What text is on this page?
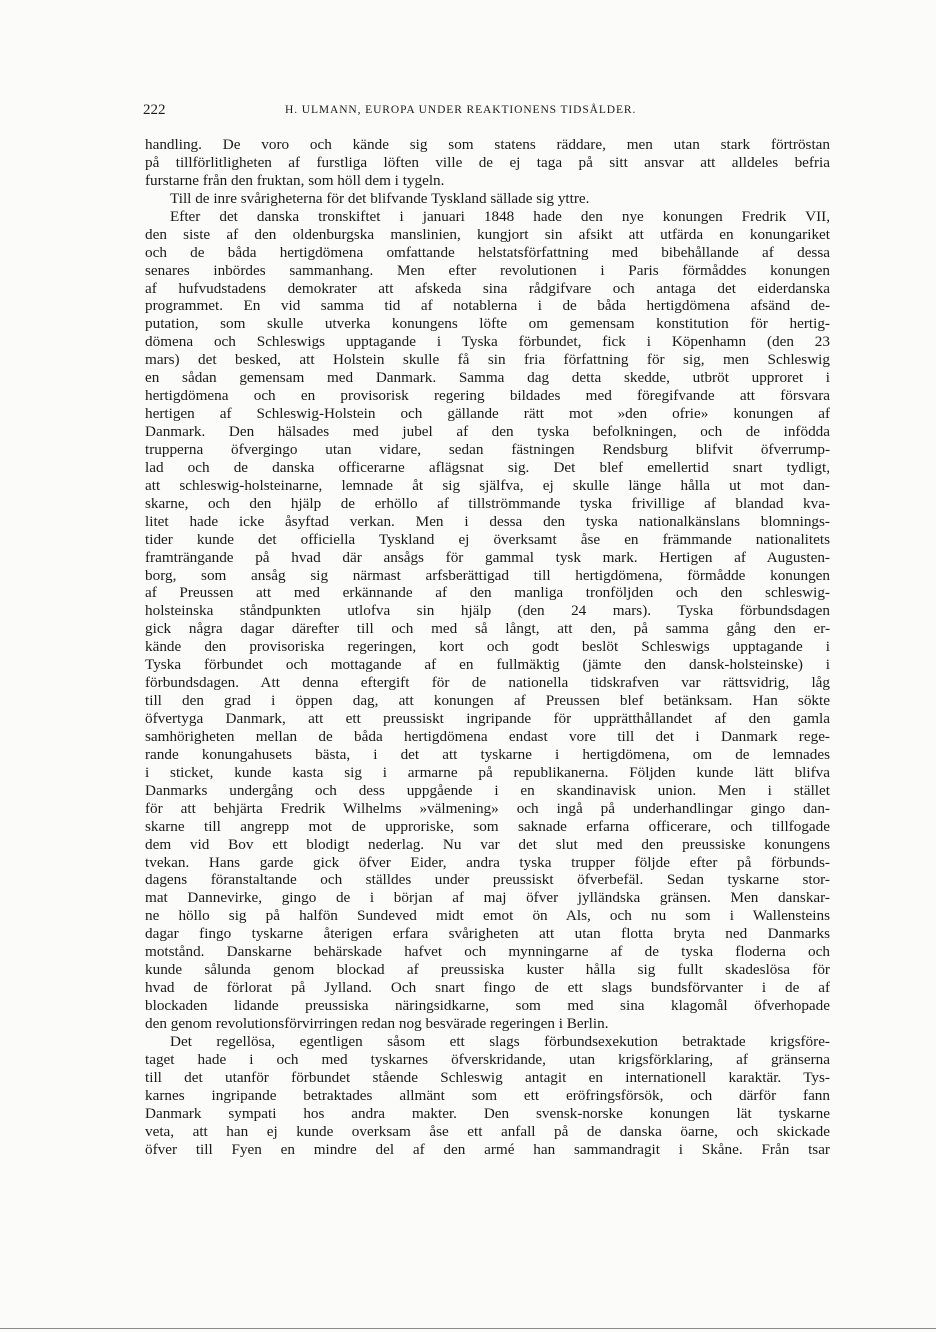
222	H. ULMANN, EUROPA UNDER REAKTIONENS TIDSÅLDER.
handling. De voro och kände sig som statens räddare, men utan stark förtröstan
på tillförlitligheten af furstliga löften ville de ej taga på sitt ansvar att alldeles befria
furstarne från den fruktan, som höll dem i tygeln.
Till de inre svårigheterna för det blifvande Tyskland sällade sig yttre.
Efter det danska tronskiftet i januari 1848 hade den nye konungen Fredrik VII,
den siste af den oldenburgska manslinien, kungjort sin afsikt att utfärda en konungariket
och de båda hertigdömena omfattande helstatsförfattning med bibehållande af dessa
senares inbördes sammanhang. Men efter revolutionen i Paris förmåddes konungen
af hufvudstadens demokrater att afskeda sina rådgifvare och antaga det eiderdanska
programmet. En vid samma tid af notablerna i de båda hertigdömena afsänd de-
putation, som skulle utverka konungens löfte om gemensam konstitution för hertig-
dömena och Schleswigs upptagande i Tyska förbundet, fick i Köpenhamn (den 23
mars) det besked, att Holstein skulle få sin fria författning för sig, men Schleswig
en sådan gemensam med Danmark. Samma dag detta skedde, utbröt upproret i
hertigdömena och en provisorisk regering bildades med föregifvande att försvara
hertigen af Schleswig-Holstein och gällande rätt mot »den ofrie» konungen af
Danmark. Den hälsades med jubel af den tyska befolkningen, och de infödda
trupperna öfvergingo utan vidare, sedan fästningen Rendsburg blifvit öfverrump-
lad och de danska officerarne aflägsnat sig. Det blef emellertid snart tydligt,
att schleswig-holsteinarne, lemnade åt sig själfva, ej skulle länge hålla ut mot dan-
skarne, och den hjälp de erhöllo af tillströmmande tyska frivillige af blandad kva-
litet hade icke åsyftad verkan. Men i dessa den tyska nationalkänslans blomnings-
tider kunde det officiella Tyskland ej överksamt åse en främmande nationalitets
framträngande på hvad där ansågs för gammal tysk mark. Hertigen af Augusten-
borg, som ansåg sig närmast arfsberättigad till hertigdömena, förmådde konungen
af Preussen att med erkännande af den manliga tronföljden och den schleswig-
holsteinska ståndpunkten utlofva sin hjälp (den 24 mars). Tyska förbundsdagen
gick några dagar därefter till och med så långt, att den, på samma gång den er-
kände den provisoriska regeringen, kort och godt beslöt Schleswigs upptagande i
Tyska förbundet och mottagande af en fullmäktig (jämte den dansk-holsteinske) i
förbundsdagen. Att denna eftergift för de nationella tidskrafven var rättsvidrig, låg
till den grad i öppen dag, att konungen af Preussen blef betänksam. Han sökte
öfvertyga Danmark, att ett preussiskt ingripande för upprätthållandet af den gamla
samhörigheten mellan de båda hertigdömena endast vore till det i Danmark rege-
rande konungahusets bästa, i det att tyskarne i hertigdömena, om de lemnades
i sticket, kunde kasta sig i armarne på republikanerna. Följden kunde lätt blifva
Danmarks undergång och dess uppgående i en skandinavisk union. Men i stället
för att behjärta Fredrik Wilhelms »välmening» och ingå på underhandlingar gingo dan-
skarne till angrepp mot de upproriske, som saknade erfarna officerare, och tillfogade
dem vid Bov ett blodigt nederlag. Nu var det slut med den preussiske konungens
tvekan. Hans garde gick öfver Eider, andra tyska trupper följde efter på förbunds-
dagens föranstaltande och ställdes under preussiskt öfverbefäl. Sedan tyskarne stor-
mat Dannevirke, gingo de i början af maj öfver jylländska gränsen. Men danskar-
ne höllo sig på halfön Sundeved midt emot ön Als, och nu som i Wallensteins
dagar fingo tyskarne återigen erfara svårigheten att utan flotta bryta ned Danmarks
motstånd. Danskarne behärskade hafvet och mynningarne af de tyska floderna och
kunde sålunda genom blockad af preussiska kuster hålla sig fullt skadeslösa för
hvad de förlorat på Jylland. Och snart fingo de ett slags bundsförvanter i de af
blockaden lidande preussiska näringsidkarne, som med sina klagomål öfverhopade
den genom revolutionsförvirringen redan nog besvärade regeringen i Berlin.
Det regellösa, egentligen såsom ett slags förbundsexekution betraktade krigsföre-
taget hade i och med tyskarnes öfverskridande, utan krigsförklaring, af gränserna
till det utanför förbundet stående Schleswig antagit en internationell karaktär. Tys-
karnes ingripande betraktades allmänt som ett eröfringsförsök, och därför fann
Danmark sympati hos andra makter. Den svensk-norske konungen lät tyskarne
veta, att han ej kunde overksam åse ett anfall på de danska öarne, och skickade
öfver till Fyen en mindre del af den armé han sammandragit i Skåne. Från tsar
